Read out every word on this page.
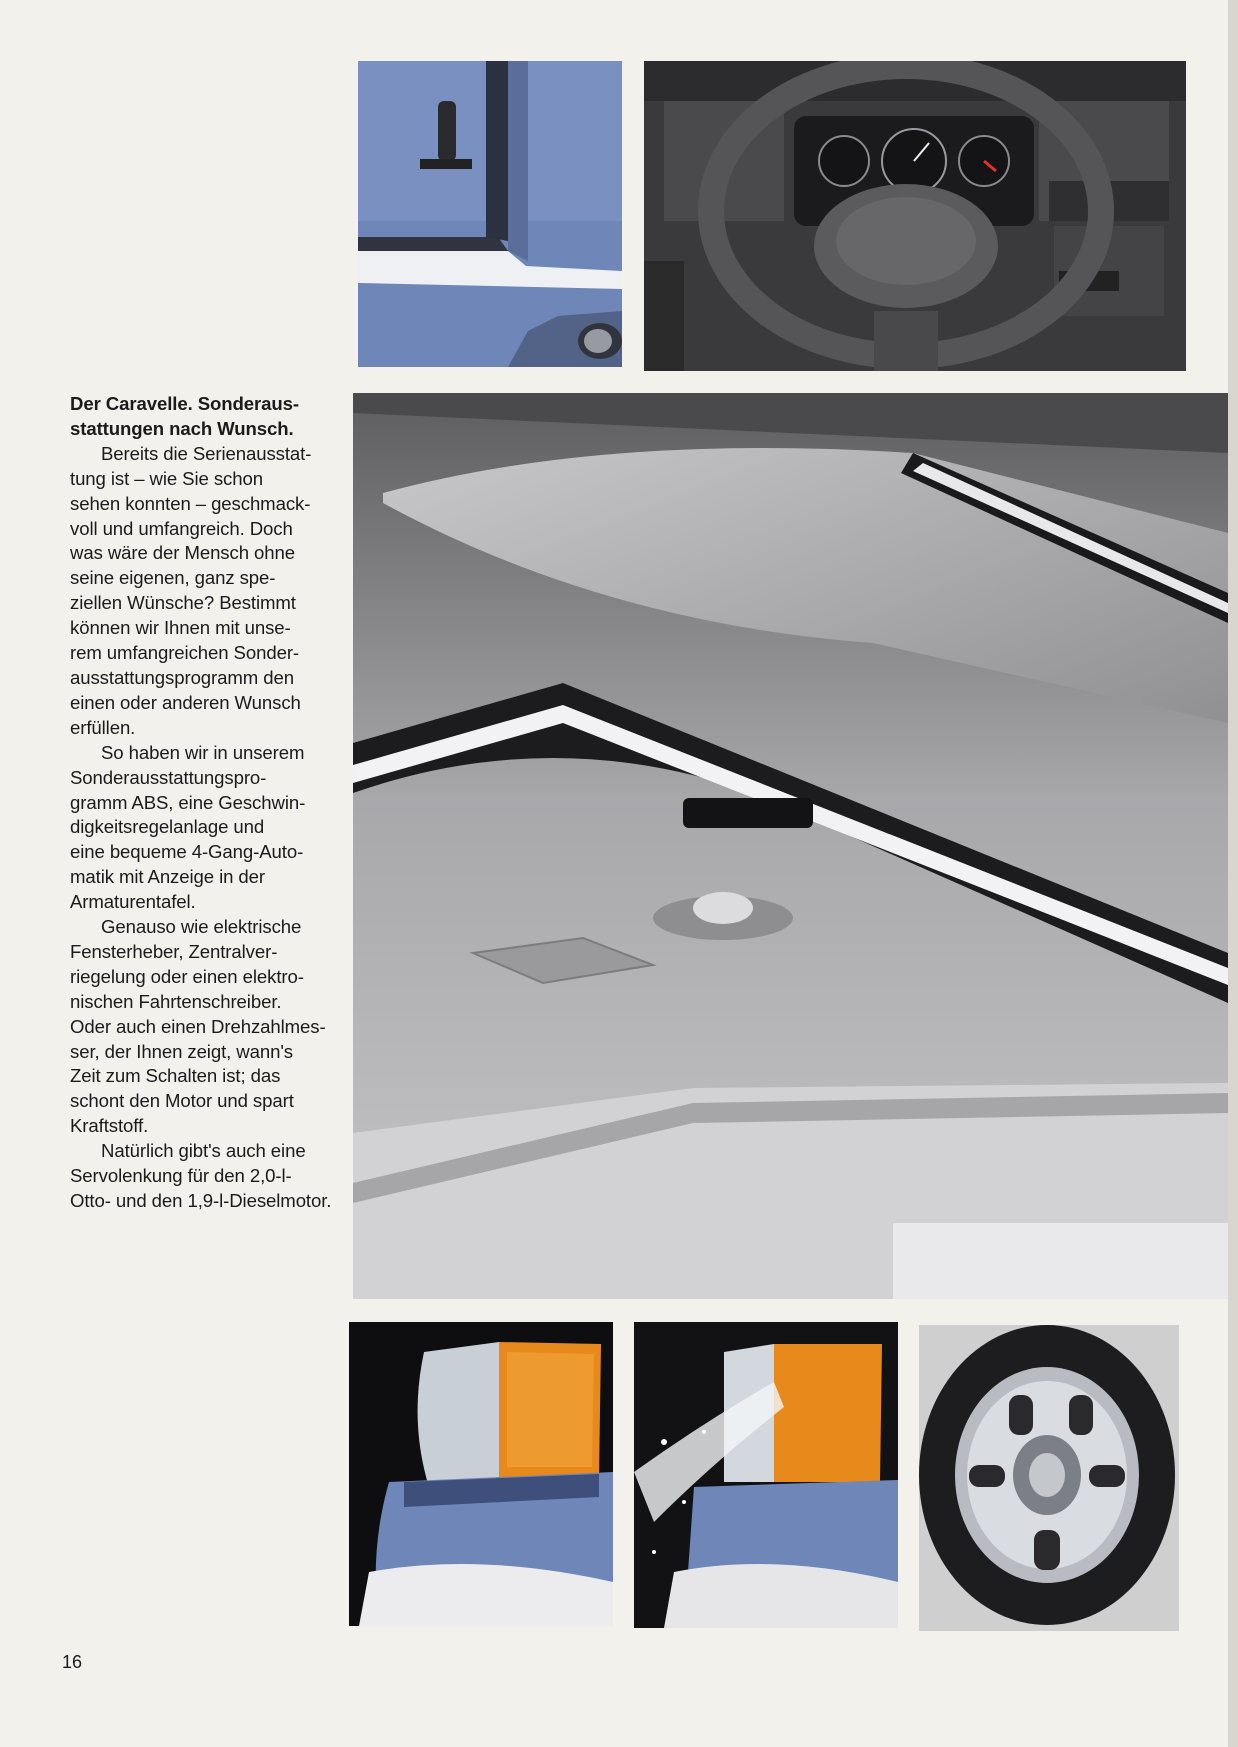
Der Caravelle. Sonderaus-
stattungen nach Wunsch.
Bereits die Serienausstat-
tung ist – wie Sie schon
sehen konnten – geschmack-
voll und umfangreich. Doch
was wäre der Mensch ohne
seine eigenen, ganz spe-
ziellen Wünsche? Bestimmt
können wir Ihnen mit unse-
rem umfangreichen Sonder-
ausstattungsprogramm den
einen oder anderen Wunsch
erfüllen.
So haben wir in unserem
Sonderausstattungspro-
gramm ABS, eine Geschwin-
digkeitsregelanlage und
eine bequeme 4-Gang-Auto-
matik mit Anzeige in der
Armaturentafel.
Genauso wie elektrische
Fensterheber, Zentralver-
riegelung oder einen elektro-
nischen Fahrtenschreiber.
Oder auch einen Drehzahlmes-
ser, der Ihnen zeigt, wann's
Zeit zum Schalten ist; das
schont den Motor und spart
Kraftstoff.
Natürlich gibt's auch eine
Servolenkung für den 2,0-l-
Otto- und den 1,9-l-Dieselmotor.
16
